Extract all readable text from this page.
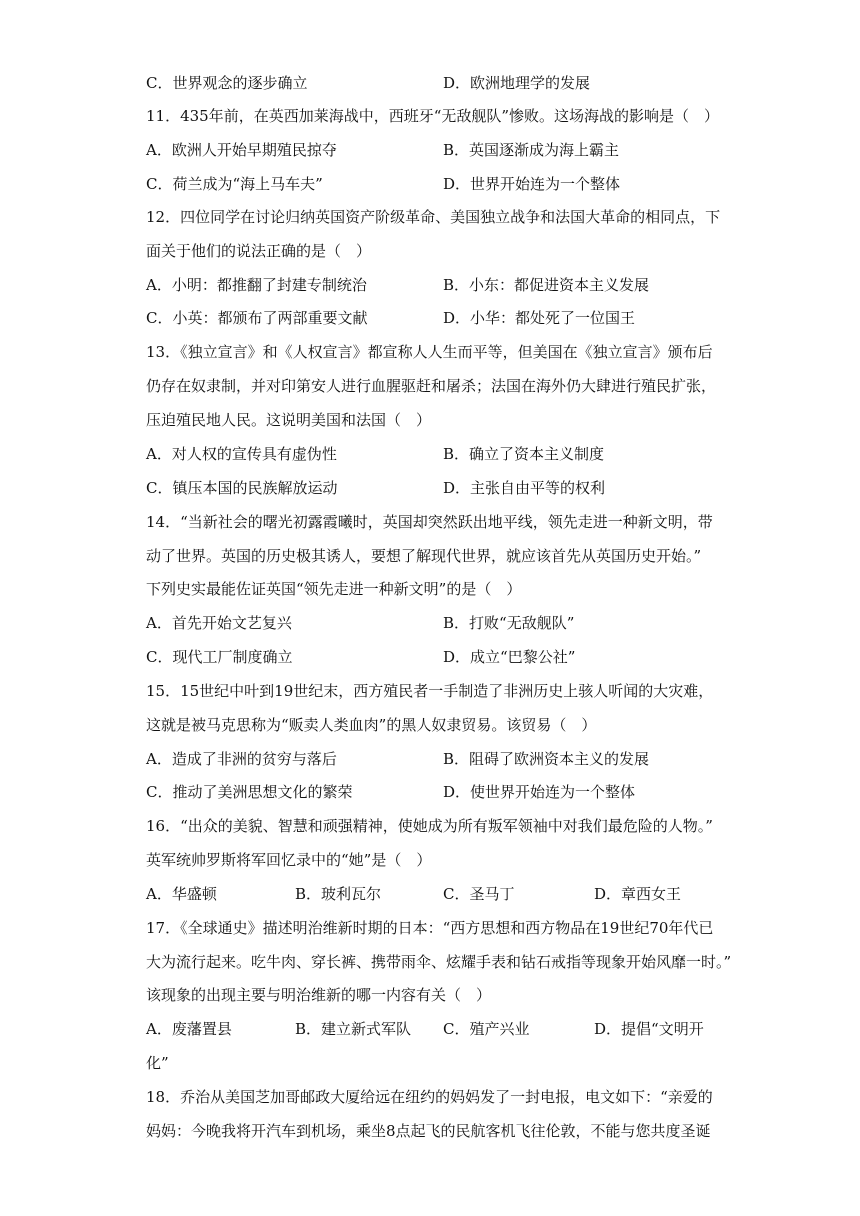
C．世界观念的逐步确立	D．欧洲地理学的发展
11．435年前，在英西加莱海战中，西班牙“无敌舰队”惨败。这场海战的影响是（　）
A．欧洲人开始早期殖民掠夺	B．英国逐渐成为海上霸主
C．荷兰成为“海上马车夫”	D．世界开始连为一个整体
12．四位同学在讨论归纳英国资产阶级革命、美国独立战争和法国大革命的相同点，下
面关于他们的说法正确的是（　）
A．小明：都推翻了封建专制统治	B．小东：都促进资本主义发展
C．小英：都颁布了两部重要文献	D．小华：都处死了一位国王
13．《独立宣言》和《人权宣言》都宣称人人生而平等，但美国在《独立宣言》颁布后
仍存在奴隶制，并对印第安人进行血腥驱赶和屠杀；法国在海外仍大肆进行殖民扩张，
压迫殖民地人民。这说明美国和法国（　）
A．对人权的宣传具有虚伪性	B．确立了资本主义制度
C．镇压本国的民族解放运动	D．主张自由平等的权利
14．“当新社会的曙光初露霞曦时，英国却突然跃出地平线，领先走进一种新文明，带
动了世界。英国的历史极其诱人，要想了解现代世界，就应该首先从英国历史开始。”
下列史实最能佐证英国“领先走进一种新文明”的是（　）
A．首先开始文艺复兴	B．打败“无敌舰队”
C．现代工厂制度确立	D．成立“巴黎公社”
15．15世纪中叶到19世纪末，西方殖民者一手制造了非洲历史上骇人听闻的大灾难，
这就是被马克思称为“贩卖人类血肉”的黑人奴隶贸易。该贸易（　）
A．造成了非洲的贫穷与落后	B．阻碍了欧洲资本主义的发展
C．推动了美洲思想文化的繁荣	D．使世界开始连为一个整体
16．“出众的美貌、智慧和顽强精神，使她成为所有叛军领袖中对我们最危险的人物。”
英军统帅罗斯将军回忆录中的“她”是（　）
A．华盛顿	B．玻利瓦尔	C．圣马丁	D．章西女王
17．《全球通史》描述明治维新时期的日本：“西方思想和西方物品在19世纪70年代已
大为流行起来。吃牛肉、穿长裤、携带雨伞、炫耀手表和钻石戒指等现象开始风靡一时。”
该现象的出现主要与明治维新的哪一内容有关（　）
A．废藩置县	B．建立新式军队 C．殖产兴业	D．提倡“文明开
化”
18．乔治从美国芝加哥邮政大厦给远在纽约的妈妈发了一封电报，电文如下：“亲爱的
妈妈：今晚我将开汽车到机场，乘坐8点起飞的民航客机飞往伦敦，不能与您共度圣诞
